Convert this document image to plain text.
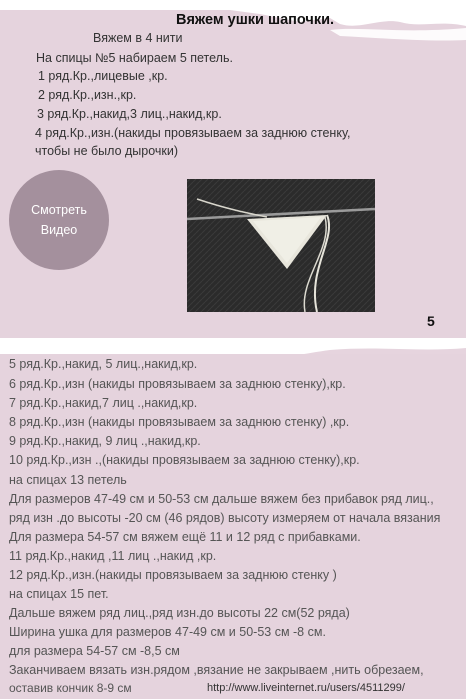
Вяжем ушки шапочки.
Вяжем в 4 нити
На спицы №5 набираем 5 петель.
1 ряд.Кр.,лицевые ,кр.
2 ряд.Кр.,изн.,кр.
3 ряд.Кр.,накид,3 лиц.,накид,кр.
4 ряд.Кр.,изн.(накиды провязываем за заднюю стенку,
чтобы не было дырочки)
Смотреть
Видео
5
5 ряд.Кр.,накид, 5 лиц.,накид,кр.
6 ряд.Кр.,изн (накиды провязываем за заднюю стенку),кр.
7 ряд.Кр.,накид,7 лиц .,накид,кр.
8 ряд.Кр.,изн (накиды провязываем за заднюю стенку) ,кр.
9 ряд.Кр.,накид, 9 лиц .,накид,кр.
10 ряд.Кр.,изн .,(накиды провязываем за заднюю стенку),кр.
на спицах 13 петель
Для размеров 47-49 см и 50-53 см дальше вяжем без прибавок ряд лиц.,
ряд изн .до высоты -20 см (46 рядов) высоту измеряем от начала вязания
Для размера 54-57 см вяжем ещё 11 и 12 ряд с прибавками.
11 ряд.Кр.,накид ,11 лиц .,накид ,кр.
12 ряд.Кр.,изн.(накиды провязываем за заднюю стенку )
на спицах 15 пет.
Дальше вяжем ряд лиц.,ряд изн.до высоты 22 см(52 ряда)
Ширина ушка для размеров 47-49 см и 50-53 см -8 см.
для размера 54-57 см -8,5 см
Заканчиваем вязать изн.рядом ,вязание не закрываем ,нить обрезаем,
оставив кончик 8-9 см	http://www.liveinternet.ru/users/4511299/
